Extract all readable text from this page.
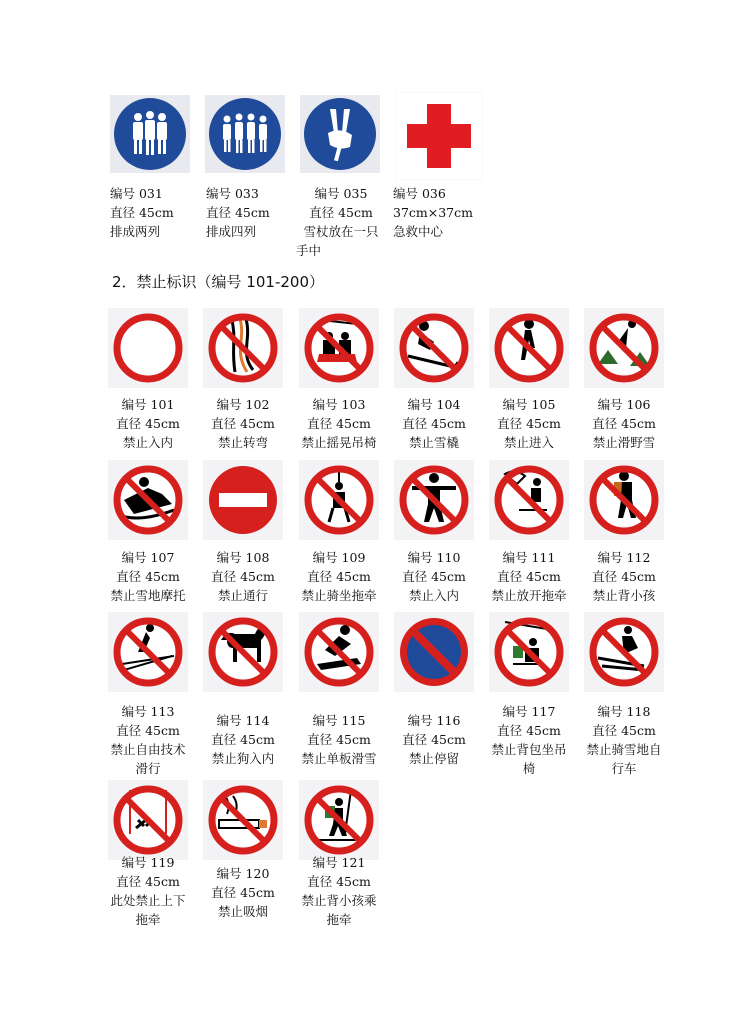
编号 031
直径 45cm
排成两列
编号 033
直径 45cm
排成四列
编号 035
直径 45cm
雪杖放在一只
手中
编号 036
37cm×37cm
急救中心
2．禁止标识（编号 101-200）
编号 101
直径 45cm
禁止入内
编号 102
直径 45cm
禁止转弯
编号 103
直径 45cm
禁止摇晃吊椅
编号 104
直径 45cm
禁止雪橇
编号 105
直径 45cm
禁止进入
编号 106
直径 45cm
禁止滑野雪
编号 107
直径 45cm
禁止雪地摩托
编号 108
直径 45cm
禁止通行
编号 109
直径 45cm
禁止骑坐拖牵
编号 110
直径 45cm
禁止入内
编号 111
直径 45cm
禁止放开拖牵
编号 112
直径 45cm
禁止背小孩
编号 113
直径 45cm
禁止自由技术
滑行
编号 114
直径 45cm
禁止狗入内
编号 115
直径 45cm
禁止单板滑雪
编号 116
直径 45cm
禁止停留
编号 117
直径 45cm
禁止背包坐吊
椅
编号 118
直径 45cm
禁止骑雪地自
行车
编号 119
直径 45cm
此处禁止上下
拖牵
编号 120
直径 45cm
禁止吸烟
编号 121
直径 45cm
禁止背小孩乘
拖牵
